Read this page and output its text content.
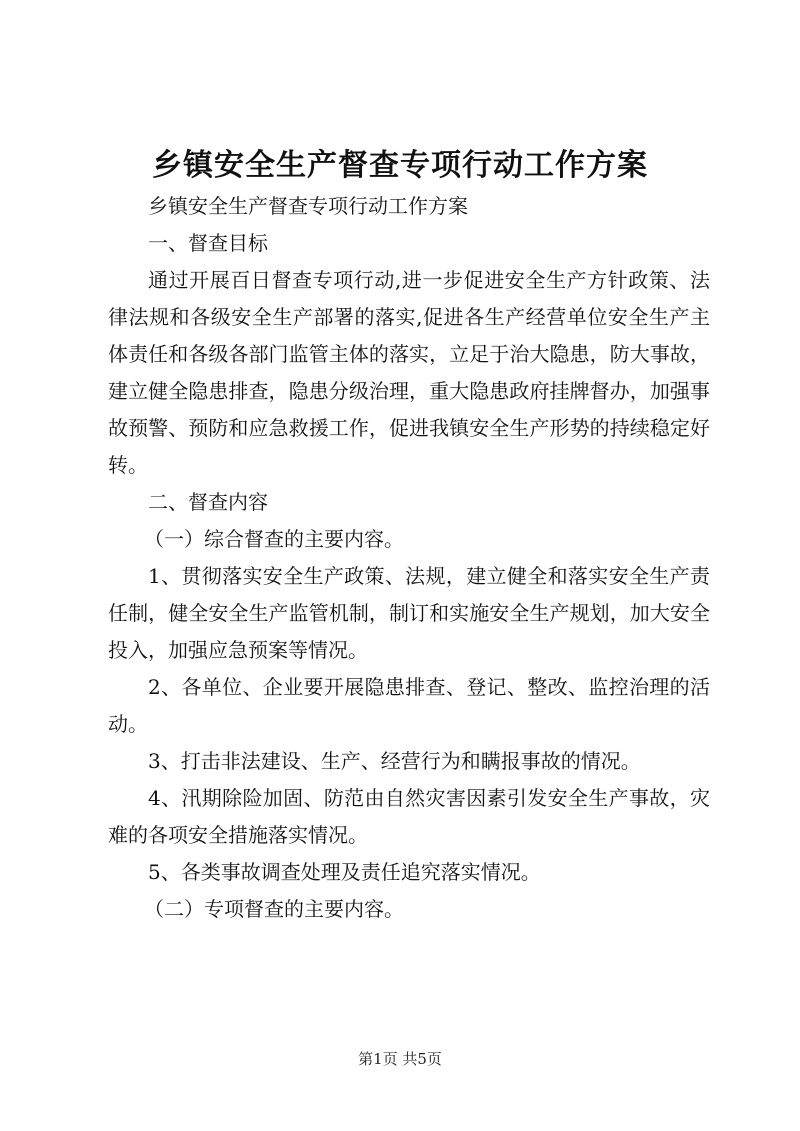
乡镇安全生产督查专项行动工作方案

乡镇安全生产督查专项行动工作方案

一、督查目标

通过开展百日督查专项行动,进一步促进安全生产方针政策、法律法规和各级安全生产部署的落实,促进各生产经营单位安全生产主体责任和各级各部门监管主体的落实，立足于治大隐患，防大事故，建立健全隐患排查，隐患分级治理，重大隐患政府挂牌督办，加强事故预警、预防和应急救援工作，促进我镇安全生产形势的持续稳定好转。

二、督查内容

（一）综合督查的主要内容。

1、贯彻落实安全生产政策、法规，建立健全和落实安全生产责任制，健全安全生产监管机制，制订和实施安全生产规划，加大安全投入，加强应急预案等情况。

2、各单位、企业要开展隐患排查、登记、整改、监控治理的活动。

3、打击非法建设、生产、经营行为和瞒报事故的情况。

4、汛期除险加固、防范由自然灾害因素引发安全生产事故，灾难的各项安全措施落实情况。

5、各类事故调查处理及责任追究落实情况。

（二）专项督查的主要内容。

第1页 共5页
